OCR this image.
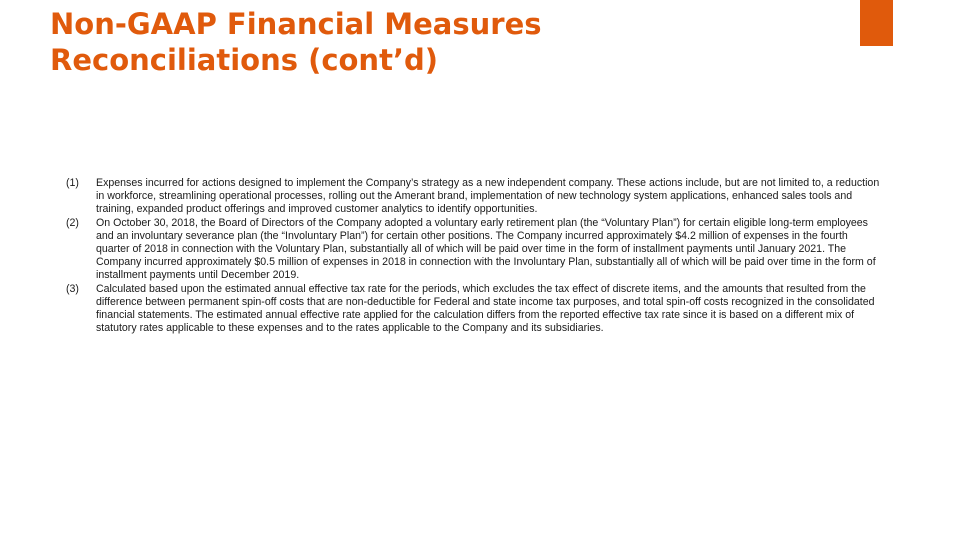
Non-GAAP Financial Measures
Reconciliations (cont’d)
(1)	Expenses incurred for actions designed to implement the Company’s strategy as a new independent company. These actions include, but are not limited to, a reduction in workforce, streamlining operational processes, rolling out the Amerant brand, implementation of new technology system applications, enhanced sales tools and training, expanded product offerings and improved customer analytics to identify opportunities.
(2)	On October 30, 2018, the Board of Directors of the Company adopted a voluntary early retirement plan (the “Voluntary Plan”) for certain eligible long-term employees and an involuntary severance plan (the “Involuntary Plan”) for certain other positions. The Company incurred approximately $4.2 million of expenses in the fourth quarter of 2018 in connection with the Voluntary Plan, substantially all of which will be paid over time in the form of installment payments until January 2021. The Company incurred approximately $0.5 million of expenses in 2018 in connection with the Involuntary Plan, substantially all of which will be paid over time in the form of installment payments until December 2019.
(3)	Calculated based upon the estimated annual effective tax rate for the periods, which excludes the tax effect of discrete items, and the amounts that resulted from the difference between permanent spin-off costs that are non-deductible for Federal and state income tax purposes, and total spin-off costs recognized in the consolidated financial statements. The estimated annual effective rate applied for the calculation differs from the reported effective tax rate since it is based on a different mix of statutory rates applicable to these expenses and to the rates applicable to the Company and its subsidiaries.
